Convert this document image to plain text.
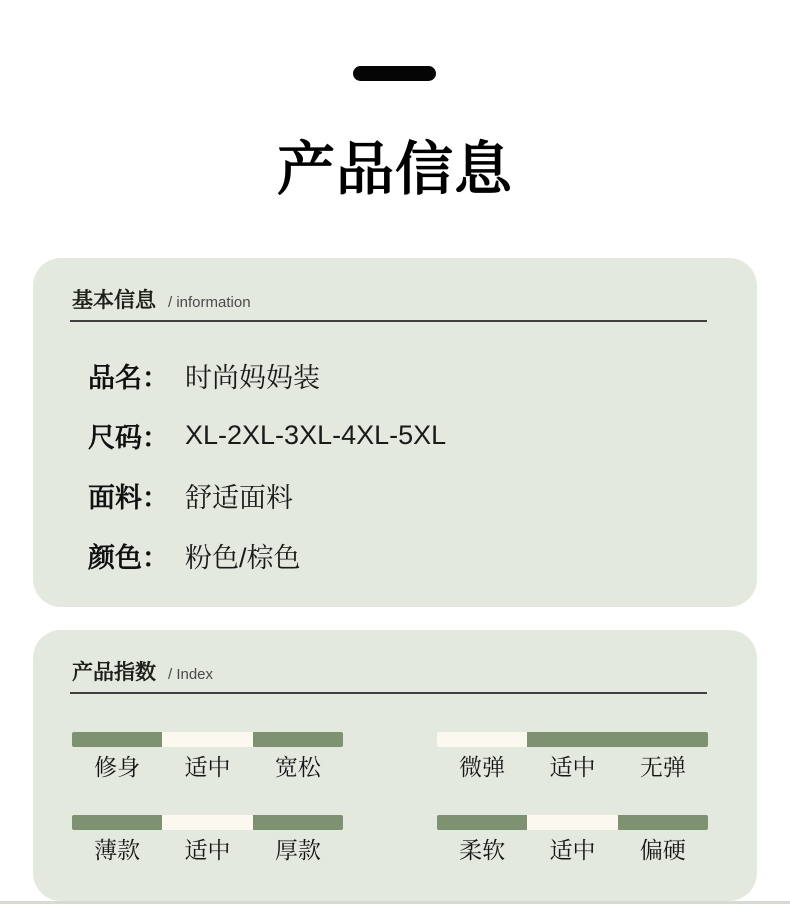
产品信息
基本信息 / information
品名： 时尚妈妈装
尺码： XL-2XL-3XL-4XL-5XL
面料： 舒适面料
颜色： 粉色/棕色
产品指数 / Index
修身	适中	宽松	微弹	适中	无弹
薄款	适中	厚款	柔软	适中	偏硬
